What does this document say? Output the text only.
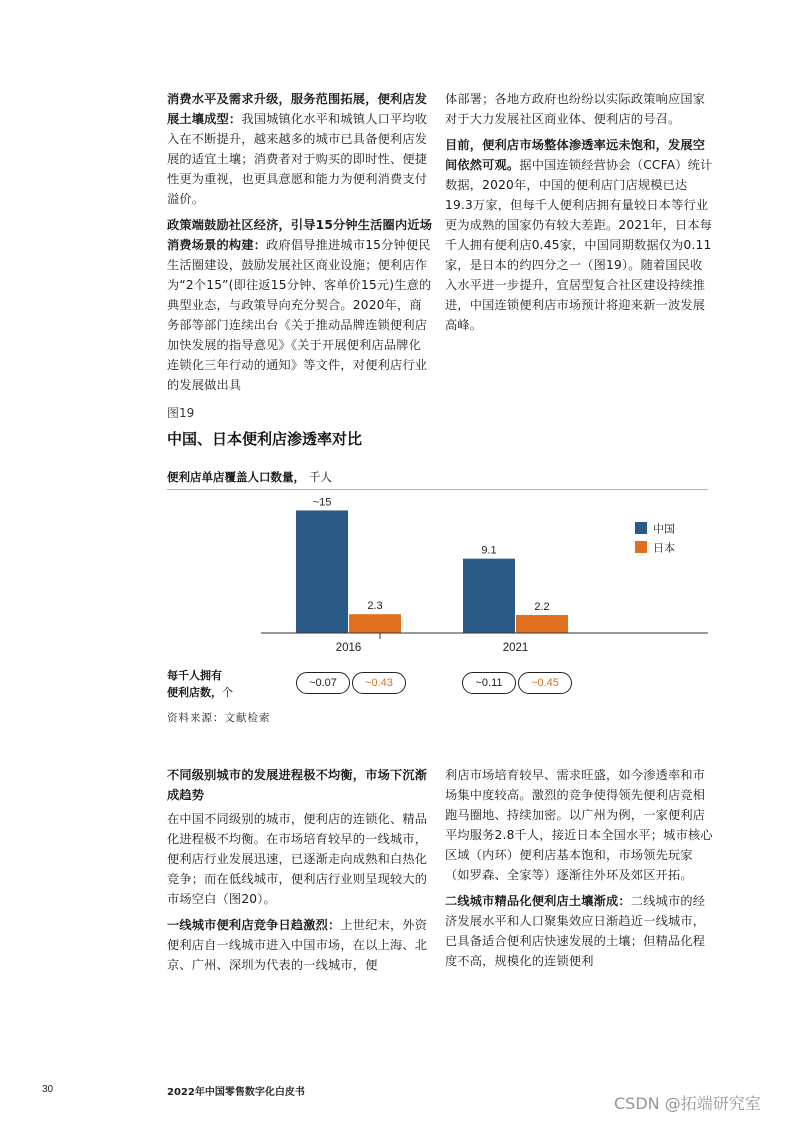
消费水平及需求升级，服务范围拓展，便利店发展土壤成型：我国城镇化水平和城镇人口平均收入在不断提升，越来越多的城市已具备便利店发展的适宜土壤；消费者对于购买的即时性、便捷性更为重视，也更具意愿和能力为便利消费支付溢价。

政策端鼓励社区经济，引导15分钟生活圈内近场消费场景的构建：政府倡导推进城市15分钟便民生活圈建设，鼓励发展社区商业设施；便利店作为“2个15”(即往返15分钟、客单价15元)生意的典型业态，与政策导向充分契合。2020年，商务部等部门连续出台《关于推动品牌连锁便利店加快发展的指导意见》《关于开展便利店品牌化连锁化三年行动的通知》等文件，对便利店行业的发展做出具

体部署；各地方政府也纷纷以实际政策响应国家对于大力发展社区商业体、便利店的号召。

目前，便利店市场整体渗透率远未饱和，发展空间依然可观。据中国连锁经营协会（CCFA）统计数据，2020年，中国的便利店门店规模已达19.3万家，但每千人便利店拥有量较日本等行业更为成熟的国家仍有较大差距。2021年，日本每千人拥有便利店0.45家，中国同期数据仅为0.11家，是日本的约四分之一（图19）。随着国民收入水平进一步提升，宜居型复合社区建设持续推进，中国连锁便利店市场预计将迎来新一波发展高峰。

图19
中国、日本便利店渗透率对比
便利店单店覆盖人口数量， 千人
~15
2.3
2016
9.1
2.2
2021
中国
日本
每千人拥有
便利店数，个
~0.07	~0.43	~0.11	~0.45
资料来源：文献检索

不同级别城市的发展进程极不均衡，市场下沉渐成趋势

在中国不同级别的城市，便利店的连锁化、精品化进程极不均衡。在市场培育较早的一线城市，便利店行业发展迅速，已逐渐走向成熟和白热化竞争；而在低线城市，便利店行业则呈现较大的市场空白（图20）。

一线城市便利店竞争日趋激烈：上世纪末，外资便利店自一线城市进入中国市场，在以上海、北京、广州、深圳为代表的一线城市，便

利店市场培育较早、需求旺盛，如今渗透率和市场集中度较高。激烈的竞争使得领先便利店竞相跑马圈地、持续加密。以广州为例，一家便利店平均服务2.8千人，接近日本全国水平；城市核心区域（内环）便利店基本饱和，市场领先玩家（如罗森、全家等）逐渐往外环及郊区开拓。

二线城市精品化便利店土壤渐成：二线城市的经济发展水平和人口聚集效应日渐趋近一线城市，已具备适合便利店快速发展的土壤；但精品化程度不高，规模化的连锁便利

30	2022年中国零售数字化白皮书
CSDN @拓端研究室
